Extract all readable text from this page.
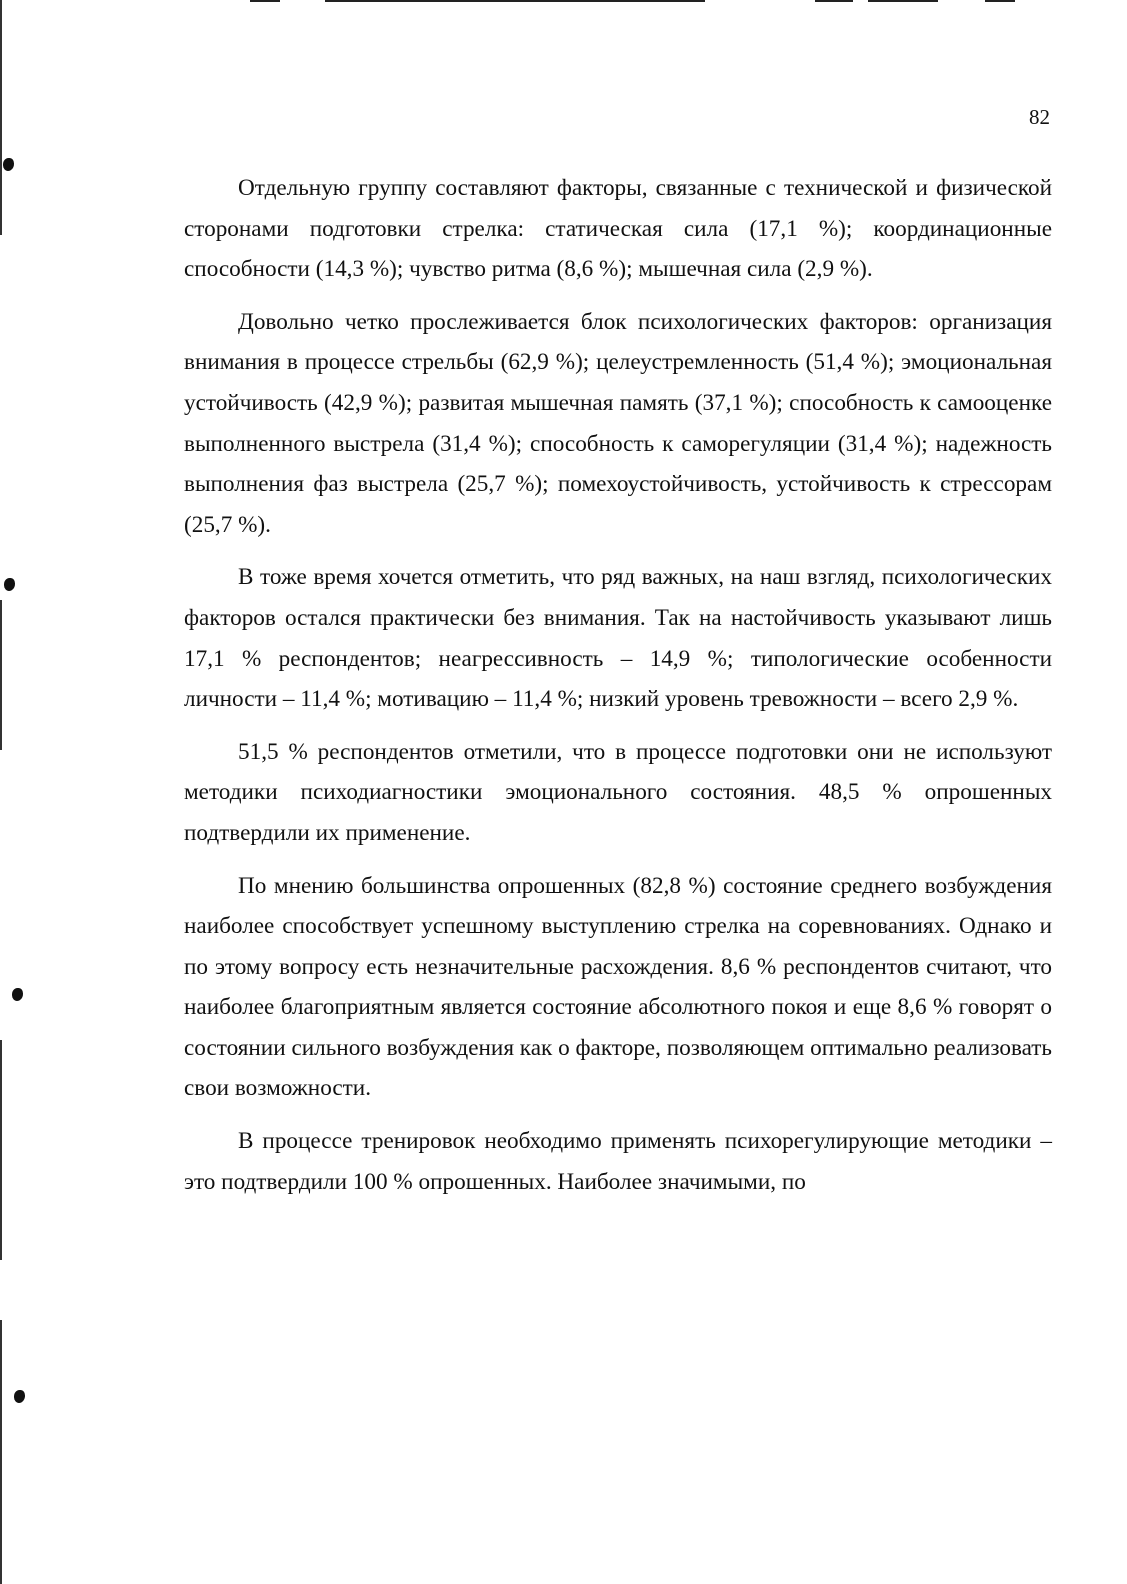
82

Отдельную группу составляют факторы, связанные с технической и физической сторонами подготовки стрелка: статическая сила (17,1 %); координационные способности (14,3 %); чувство ритма (8,6 %); мышечная сила (2,9 %).

Довольно четко прослеживается блок психологических факторов: организация внимания в процессе стрельбы (62,9 %); целеустремленность (51,4 %); эмоциональная устойчивость (42,9 %); развитая мышечная память (37,1 %); способность к самооценке выполненного выстрела (31,4 %); способность к саморегуляции (31,4 %); надежность выполнения фаз выстрела (25,7 %); помехоустойчивость, устойчивость к стрессорам (25,7 %).

В тоже время хочется отметить, что ряд важных, на наш взгляд, психологических факторов остался практически без внимания. Так на настойчивость указывают лишь 17,1 % респондентов; неагрессивность – 14,9 %; типологические особенности личности – 11,4 %; мотивацию – 11,4 %; низкий уровень тревожности – всего 2,9 %.

51,5 % респондентов отметили, что в процессе подготовки они не используют методики психодиагностики эмоционального состояния. 48,5 % опрошенных подтвердили их применение.

По мнению большинства опрошенных (82,8 %) состояние среднего возбуждения наиболее способствует успешному выступлению стрелка на соревнованиях. Однако и по этому вопросу есть незначительные расхождения. 8,6 % респондентов считают, что наиболее благоприятным является состояние абсолютного покоя и еще 8,6 % говорят о состоянии сильного возбуждения как о факторе, позволяющем оптимально реализовать свои возможности.

В процессе тренировок необходимо применять психорегулирующие методики – это подтвердили 100 % опрошенных. Наиболее значимыми, по
